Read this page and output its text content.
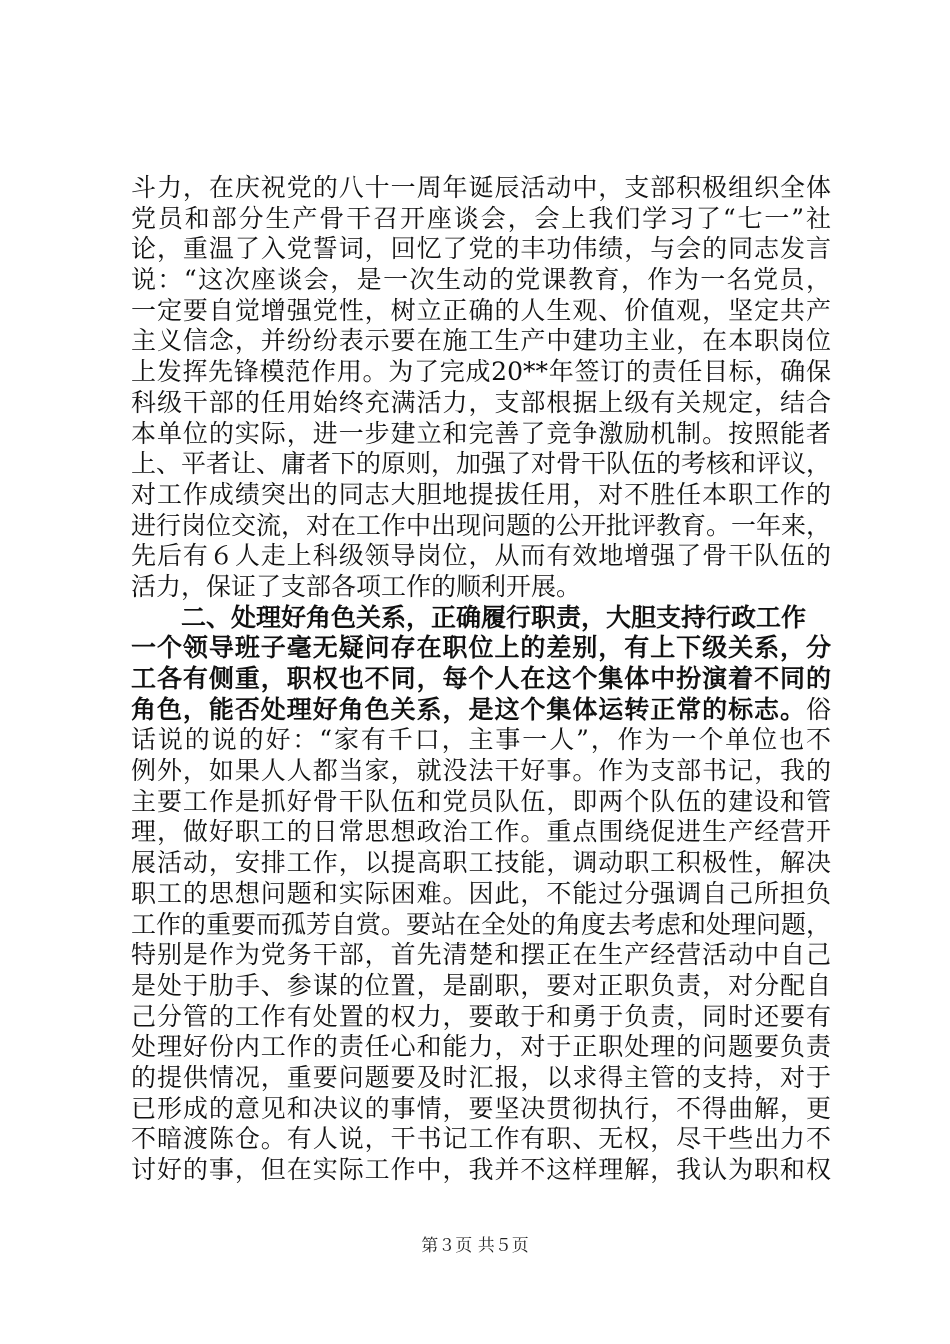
斗力，在庆祝党的八十一周年诞辰活动中，支部积极组织全体
党员和部分生产骨干召开座谈会，会上我们学习了“七一”社
论，重温了入党誓词，回忆了党的丰功伟绩，与会的同志发言
说：“这次座谈会，是一次生动的党课教育，作为一名党员，
一定要自觉增强党性，树立正确的人生观、价值观，坚定共产
主义信念，并纷纷表示要在施工生产中建功主业，在本职岗位
上发挥先锋模范作用。为了完成20**年签订的责任目标，确保
科级干部的任用始终充满活力，支部根据上级有关规定，结合
本单位的实际，进一步建立和完善了竞争激励机制。按照能者
上、平者让、庸者下的原则，加强了对骨干队伍的考核和评议，
对工作成绩突出的同志大胆地提拔任用，对不胜任本职工作的
进行岗位交流，对在工作中出现问题的公开批评教育。一年来，
先后有６人走上科级领导岗位，从而有效地增强了骨干队伍的
活力，保证了支部各项工作的顺利开展。
二、处理好角色关系，正确履行职责，大胆支持行政工作
一个领导班子毫无疑问存在职位上的差别，有上下级关系，分
工各有侧重，职权也不同，每个人在这个集体中扮演着不同的
角色，能否处理好角色关系，是这个集体运转正常的标志。俗
话说的说的好：“家有千口，主事一人”，作为一个单位也不
例外，如果人人都当家，就没法干好事。作为支部书记，我的
主要工作是抓好骨干队伍和党员队伍，即两个队伍的建设和管
理，做好职工的日常思想政治工作。重点围绕促进生产经营开
展活动，安排工作，以提高职工技能，调动职工积极性，解决
职工的思想问题和实际困难。因此，不能过分强调自己所担负
工作的重要而孤芳自赏。要站在全处的角度去考虑和处理问题，
特别是作为党务干部，首先清楚和摆正在生产经营活动中自己
是处于肋手、参谋的位置，是副职，要对正职负责，对分配自
己分管的工作有处置的权力，要敢于和勇于负责，同时还要有
处理好份内工作的责任心和能力，对于正职处理的问题要负责
的提供情况，重要问题要及时汇报，以求得主管的支持，对于
已形成的意见和决议的事情，要坚决贯彻执行，不得曲解，更
不暗渡陈仓。有人说，干书记工作有职、无权，尽干些出力不
讨好的事，但在实际工作中，我并不这样理解，我认为职和权
第３页 共５页
